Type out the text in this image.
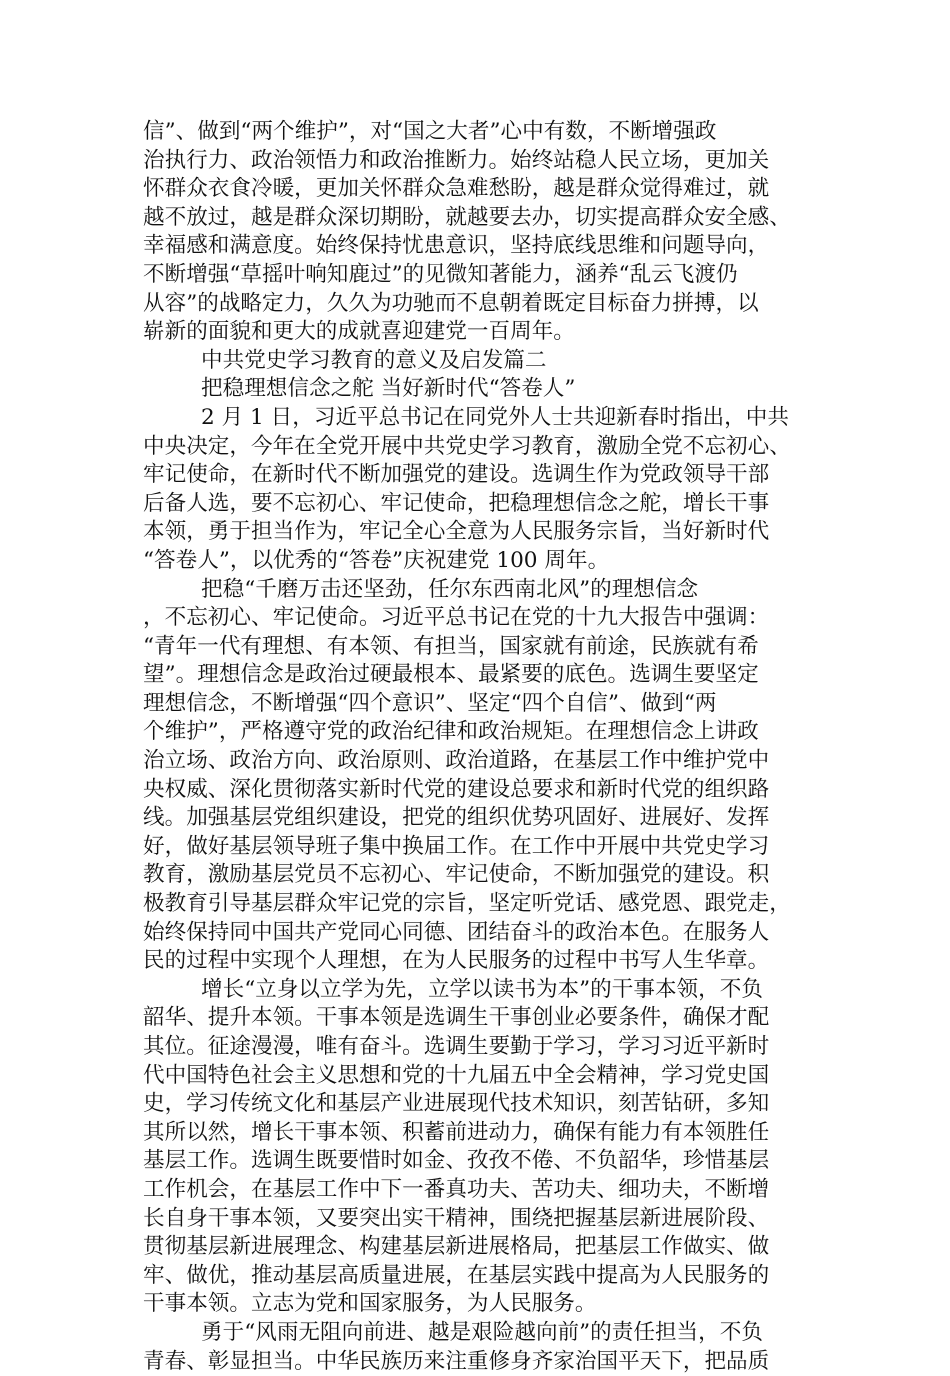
信”、做到“两个维护”，对“国之大者”心中有数，不断增强政
治执行力、政治领悟力和政治推断力。始终站稳人民立场，更加关
怀群众衣食冷暖，更加关怀群众急难愁盼，越是群众觉得难过，就
越不放过，越是群众深切期盼，就越要去办，切实提高群众安全感、
幸福感和满意度。始终保持忧患意识，坚持底线思维和问题导向，
不断增强“草摇叶响知鹿过”的见微知著能力，涵养“乱云飞渡仍
从容”的战略定力，久久为功驰而不息朝着既定目标奋力拼搏，以
崭新的面貌和更大的成就喜迎建党一百周年。
中共党史学习教育的意义及启发篇二
把稳理想信念之舵 当好新时代“答卷人”
2 月 1 日，习近平总书记在同党外人士共迎新春时指出，中共
中央决定，今年在全党开展中共党史学习教育，激励全党不忘初心、
牢记使命，在新时代不断加强党的建设。选调生作为党政领导干部
后备人选，要不忘初心、牢记使命，把稳理想信念之舵，增长干事
本领，勇于担当作为，牢记全心全意为人民服务宗旨，当好新时代
“答卷人”，以优秀的“答卷”庆祝建党 100 周年。
把稳“千磨万击还坚劲，任尔东西南北风”的理想信念
，不忘初心、牢记使命。习近平总书记在党的十九大报告中强调：
“青年一代有理想、有本领、有担当，国家就有前途，民族就有希
望”。理想信念是政治过硬最根本、最紧要的底色。选调生要坚定
理想信念，不断增强“四个意识”、坚定“四个自信”、做到“两
个维护”，严格遵守党的政治纪律和政治规矩。在理想信念上讲政
治立场、政治方向、政治原则、政治道路，在基层工作中维护党中
央权威、深化贯彻落实新时代党的建设总要求和新时代党的组织路
线。加强基层党组织建设，把党的组织优势巩固好、进展好、发挥
好，做好基层领导班子集中换届工作。在工作中开展中共党史学习
教育，激励基层党员不忘初心、牢记使命，不断加强党的建设。积
极教育引导基层群众牢记党的宗旨，坚定听党话、感党恩、跟党走，
始终保持同中国共产党同心同德、团结奋斗的政治本色。在服务人
民的过程中实现个人理想，在为人民服务的过程中书写人生华章。
增长“立身以立学为先，立学以读书为本”的干事本领，不负
韶华、提升本领。干事本领是选调生干事创业必要条件，确保才配
其位。征途漫漫，唯有奋斗。选调生要勤于学习，学习习近平新时
代中国特色社会主义思想和党的十九届五中全会精神，学习党史国
史，学习传统文化和基层产业进展现代技术知识，刻苦钻研，多知
其所以然，增长干事本领、积蓄前进动力，确保有能力有本领胜任
基层工作。选调生既要惜时如金、孜孜不倦、不负韶华，珍惜基层
工作机会，在基层工作中下一番真功夫、苦功夫、细功夫，不断增
长自身干事本领，又要突出实干精神，围绕把握基层新进展阶段、
贯彻基层新进展理念、构建基层新进展格局，把基层工作做实、做
牢、做优，推动基层高质量进展，在基层实践中提高为人民服务的
干事本领。立志为党和国家服务，为人民服务。
勇于“风雨无阻向前进、越是艰险越向前”的责任担当，不负
青春、彰显担当。中华民族历来注重修身齐家治国平天下，把品质
